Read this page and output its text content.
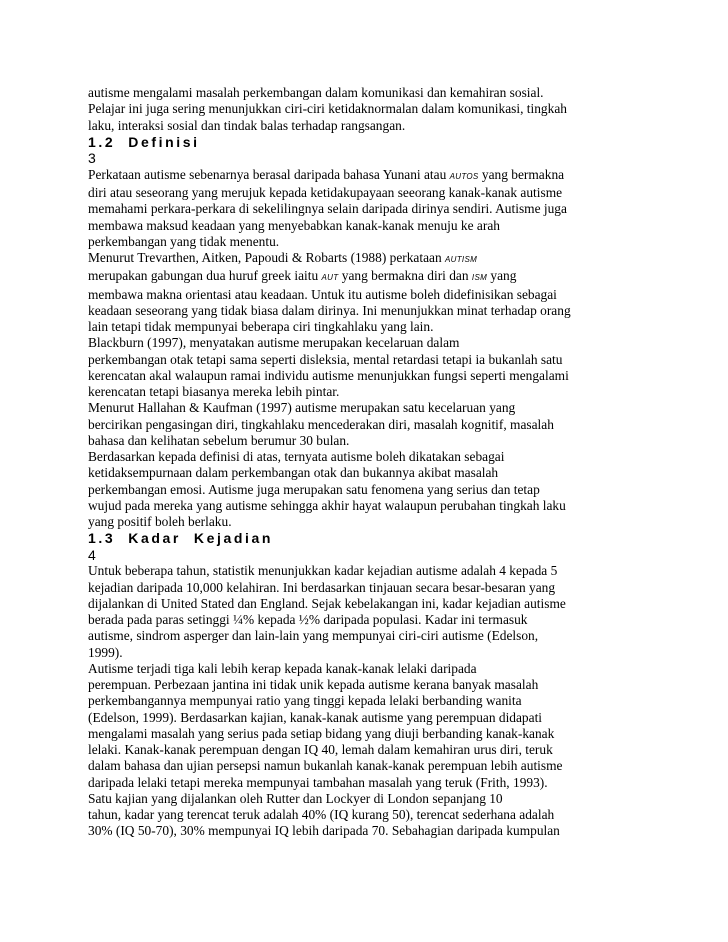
autisme mengalami masalah perkembangan dalam komunikasi dan kemahiran sosial.
Pelajar ini juga sering menunjukkan ciri-ciri ketidaknormalan dalam komunikasi, tingkah
laku, interaksi sosial dan tindak balas terhadap rangsangan.

1.2  Definisi
3

Perkataan autisme sebenarnya berasal daripada bahasa Yunani atau AUTOS yang bermakna
diri atau seseorang yang merujuk kepada ketidakupayaan seeorang kanak-kanak autisme
memahami perkara-perkara di sekelilingnya selain daripada dirinya sendiri. Autisme juga
membawa maksud keadaan yang menyebabkan kanak-kanak menuju ke arah
perkembangan yang tidak menentu.
Menurut Trevarthen, Aitken, Papoudi & Robarts (1988) perkataan AUTISM
merupakan gabungan dua huruf greek iaitu AUT yang bermakna diri dan ISM yang
membawa makna orientasi atau keadaan. Untuk itu autisme boleh didefinisikan sebagai
keadaan seseorang yang tidak biasa dalam dirinya. Ini menunjukkan minat terhadap orang
lain tetapi tidak mempunyai beberapa ciri tingkahlaku yang lain.
Blackburn (1997), menyatakan autisme merupakan kecelaruan dalam
perkembangan otak tetapi sama seperti disleksia, mental retardasi tetapi ia bukanlah satu
kerencatan akal walaupun ramai individu autisme menunjukkan fungsi seperti mengalami
kerencatan tetapi biasanya mereka lebih pintar.
Menurut Hallahan & Kaufman (1997) autisme merupakan satu kecelaruan yang
bercirikan pengasingan diri, tingkahlaku mencederakan diri, masalah kognitif, masalah
bahasa dan kelihatan sebelum berumur 30 bulan.
Berdasarkan kepada definisi di atas, ternyata autisme boleh dikatakan sebagai
ketidaksempurnaan dalam perkembangan otak dan bukannya akibat masalah
perkembangan emosi. Autisme juga merupakan satu fenomena yang serius dan tetap
wujud pada mereka yang autisme sehingga akhir hayat walaupun perubahan tingkah laku
yang positif boleh berlaku.

1.3  Kadar  Kejadian
4

Untuk beberapa tahun, statistik menunjukkan kadar kejadian autisme adalah 4 kepada 5
kejadian daripada 10,000 kelahiran. Ini berdasarkan tinjauan secara besar-besaran yang
dijalankan di United Stated dan England. Sejak kebelakangan ini, kadar kejadian autisme
berada pada paras setinggi ¼% kepada ½% daripada populasi. Kadar ini termasuk
autisme, sindrom asperger dan lain-lain yang mempunyai ciri-ciri autisme (Edelson,
1999).
Autisme terjadi tiga kali lebih kerap kepada kanak-kanak lelaki daripada
perempuan. Perbezaan jantina ini tidak unik kepada autisme kerana banyak masalah
perkembangannya mempunyai ratio yang tinggi kepada lelaki berbanding wanita
(Edelson, 1999). Berdasarkan kajian, kanak-kanak autisme yang perempuan didapati
mengalami masalah yang serius pada setiap bidang yang diuji berbanding kanak-kanak
lelaki. Kanak-kanak perempuan dengan IQ 40, lemah dalam kemahiran urus diri, teruk
dalam bahasa dan ujian persepsi namun bukanlah kanak-kanak perempuan lebih autisme
daripada lelaki tetapi mereka mempunyai tambahan masalah yang teruk (Frith, 1993).
Satu kajian yang dijalankan oleh Rutter dan Lockyer di London sepanjang 10
tahun, kadar yang terencat teruk adalah 40% (IQ kurang 50), terencat sederhana adalah
30% (IQ 50-70), 30% mempunyai IQ lebih daripada 70. Sebahagian daripada kumpulan
